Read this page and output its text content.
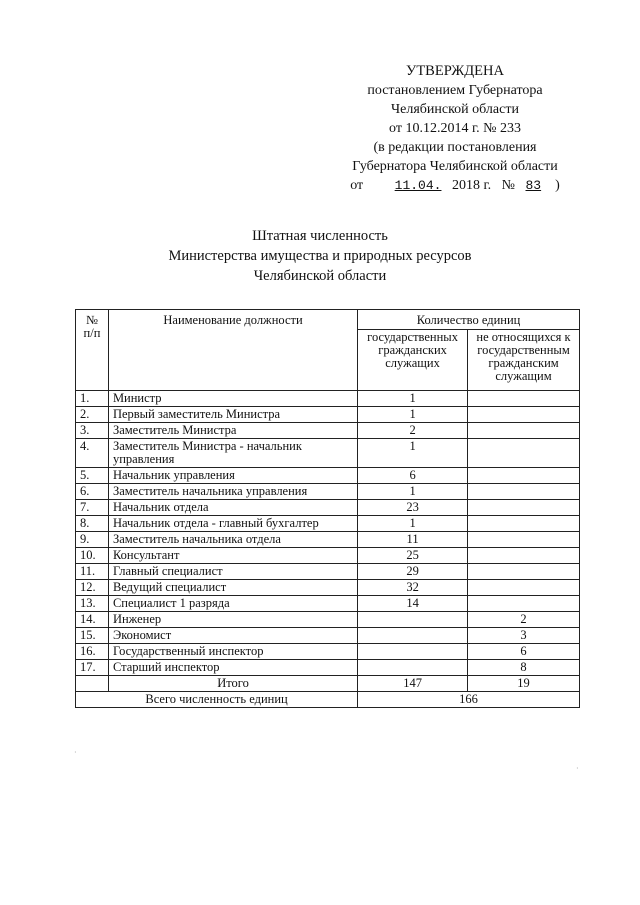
УТВЕРЖДЕНА
постановлением Губернатора
Челябинской области
от 10.12.2014 г. № 233
(в редакции постановления
Губернатора Челябинской области
от 11.04. 2018 г. № 83 )
Штатная численность
Министерства имущества и природных ресурсов
Челябинской области
№ п/п	Наименование должности	Количество единиц	
		государственных гражданских служащих	не относящихся к государственным гражданским служащим
1.	Министр	1	
2.	Первый заместитель Министра	1	
3.	Заместитель Министра	2	
4.	Заместитель Министра - начальник управления	1	
5.	Начальник управления	6	
6.	Заместитель начальника управления	1	
7.	Начальник отдела	23	
8.	Начальник отдела - главный бухгалтер	1	
9.	Заместитель начальника отдела	11	
10.	Консультант	25	
11.	Главный специалист	29	
12.	Ведущий специалист	32	
13.	Специалист 1 разряда	14	
14.	Инженер		2
15.	Экономист		3
16.	Государственный инспектор		6
17.	Старший инспектор		8
	Итого	147	19
Всего численность единиц		166	
·
·
